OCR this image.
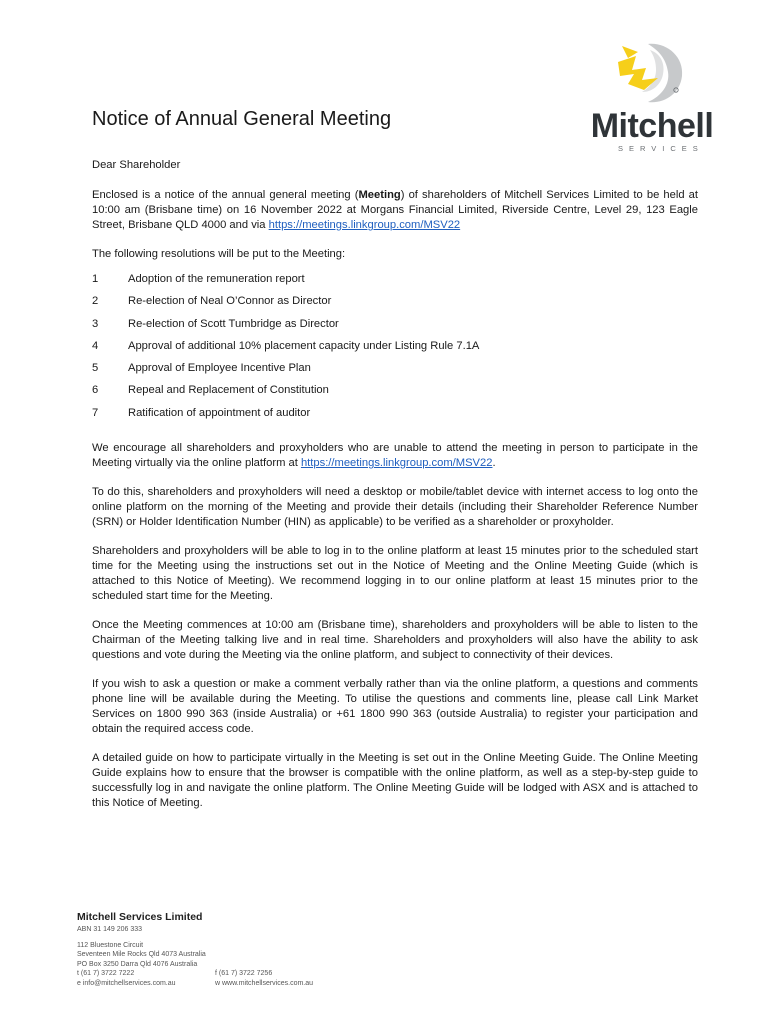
Mitchell
SERVICES
Notice of Annual General Meeting

Dear Shareholder

Enclosed is a notice of the annual general meeting (Meeting) of shareholders of Mitchell Services Limited to be held at 10:00 am (Brisbane time) on 16 November 2022 at Morgans Financial Limited, Riverside Centre, Level 29, 123 Eagle Street, Brisbane QLD 4000 and via https://meetings.linkgroup.com/MSV22

The following resolutions will be put to the Meeting:

1	Adoption of the remuneration report
2	Re-election of Neal O’Connor as Director
3	Re-election of Scott Tumbridge as Director
4	Approval of additional 10% placement capacity under Listing Rule 7.1A
5	Approval of Employee Incentive Plan
6	Repeal and Replacement of Constitution
7	Ratification of appointment of auditor

We encourage all shareholders and proxyholders who are unable to attend the meeting in person to participate in the Meeting virtually via the online platform at https://meetings.linkgroup.com/MSV22.

To do this, shareholders and proxyholders will need a desktop or mobile/tablet device with internet access to log onto the online platform on the morning of the Meeting and provide their details (including their Shareholder Reference Number (SRN) or Holder Identification Number (HIN) as applicable) to be verified as a shareholder or proxyholder.

Shareholders and proxyholders will be able to log in to the online platform at least 15 minutes prior to the scheduled start time for the Meeting using the instructions set out in the Notice of Meeting and the Online Meeting Guide (which is attached to this Notice of Meeting). We recommend logging in to our online platform at least 15 minutes prior to the scheduled start time for the Meeting.

Once the Meeting commences at 10:00 am (Brisbane time), shareholders and proxyholders will be able to listen to the Chairman of the Meeting talking live and in real time. Shareholders and proxyholders will also have the ability to ask questions and vote during the Meeting via the online platform, and subject to connectivity of their devices.

If you wish to ask a question or make a comment verbally rather than via the online platform, a questions and comments phone line will be available during the Meeting. To utilise the questions and comments line, please call Link Market Services on 1800 990 363 (inside Australia) or +61 1800 990 363 (outside Australia) to register your participation and obtain the required access code.

A detailed guide on how to participate virtually in the Meeting is set out in the Online Meeting Guide. The Online Meeting Guide explains how to ensure that the browser is compatible with the online platform, as well as a step-by-step guide to successfully log in and navigate the online platform. The Online Meeting Guide will be lodged with ASX and is attached to this Notice of Meeting.

Mitchell Services Limited
ABN 31 149 206 333
112 Bluestone Circuit
Seventeen Mile Rocks Qld 4073 Australia
PO Box 3250 Darra Qld 4076 Australia
t (61 7) 3722 7222	f (61 7) 3722 7256
e info@mitchellservices.com.au	w www.mitchellservices.com.au
